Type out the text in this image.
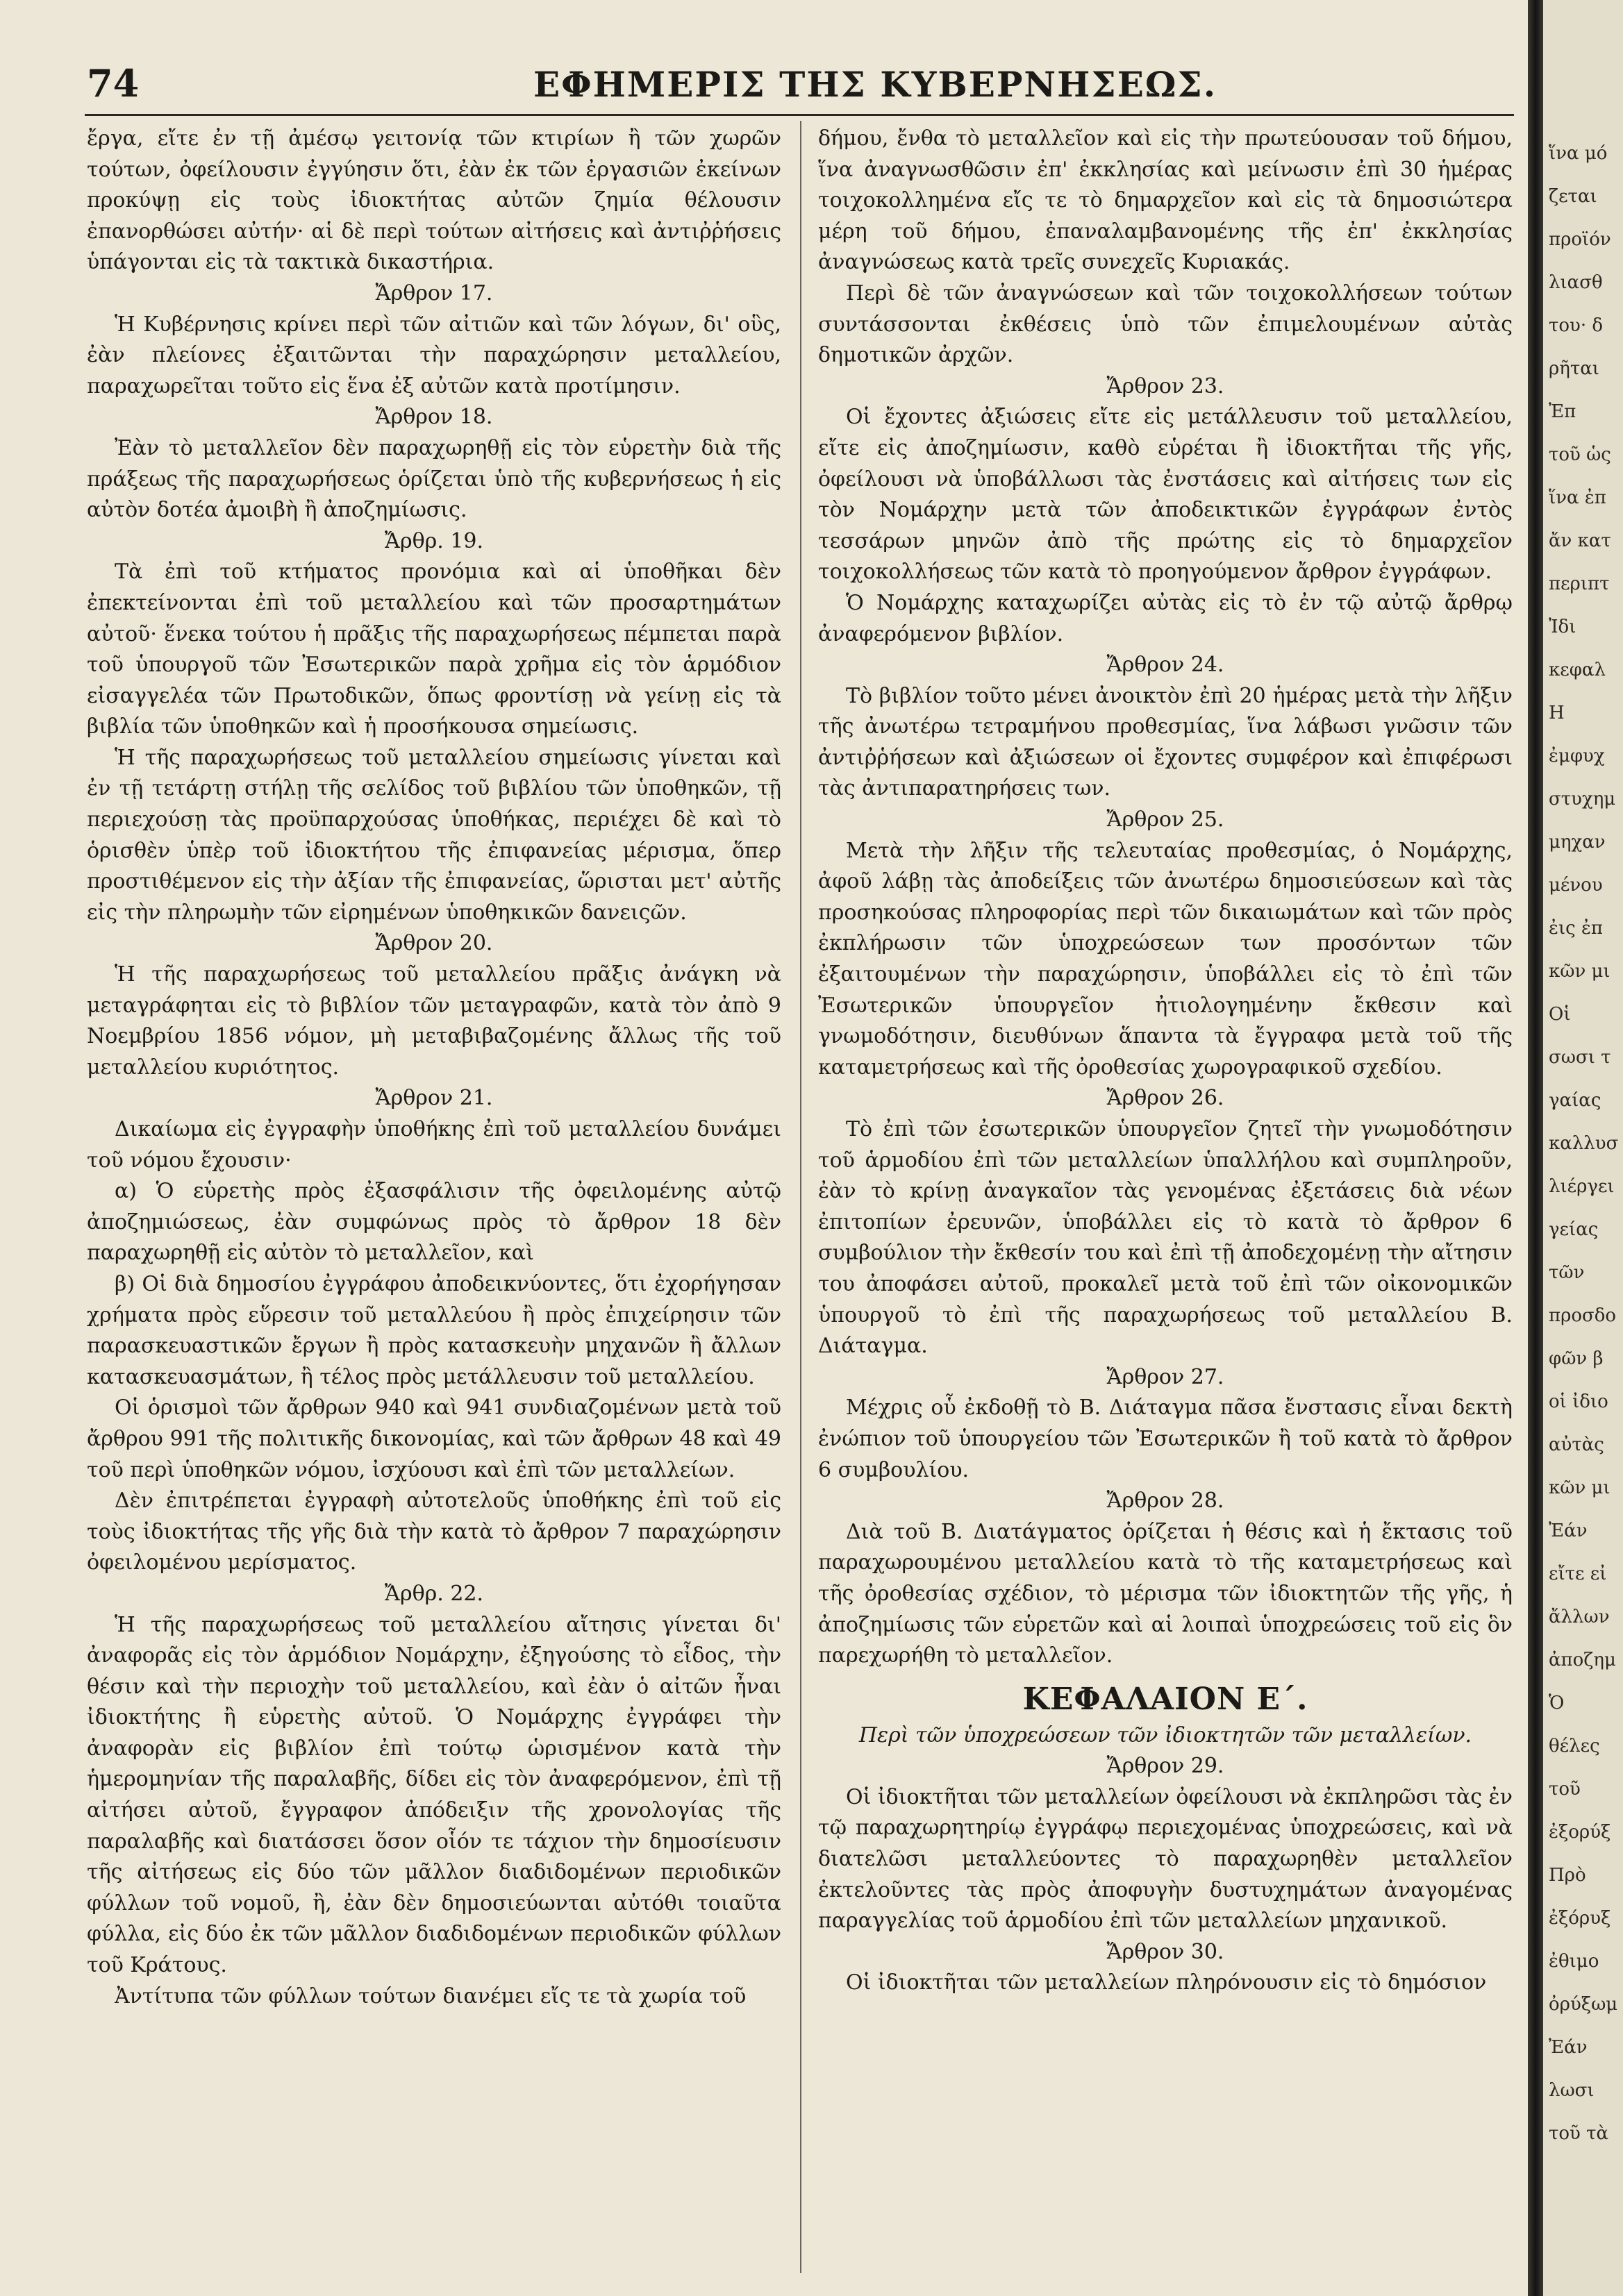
74	ΕΦΗΜΕΡΙΣ ΤΗΣ ΚΥΒΕΡΝΗΣΕΩΣ.

ἔργα, εἴτε ἐν τῇ ἀμέσῳ γειτονίᾳ τῶν κτιρίων ἢ τῶν χωρῶν τούτων, ὀφείλουσιν ἐγγύησιν ὅτι, ἐὰν ἐκ τῶν ἐργασιῶν ἐκείνων προκύψῃ εἰς τοὺς ἰδιοκτήτας αὐτῶν ζημία θέλουσιν ἐπανορθώσει αὐτήν· αἱ δὲ περὶ τούτων αἰτήσεις καὶ ἀντιῤῥήσεις ὑπάγονται εἰς τὰ τακτικὰ δικαστήρια.

Ἄρθρον 17.

Ἡ Κυβέρνησις κρίνει περὶ τῶν αἰτιῶν καὶ τῶν λόγων, δι' οὓς, ἐὰν πλείονες ἐξαιτῶνται τὴν παραχώρησιν μεταλλείου, παραχωρεῖται τοῦτο εἰς ἕνα ἐξ αὐτῶν κατὰ προτίμησιν.

Ἄρθρον 18.

Ἐὰν τὸ μεταλλεῖον δὲν παραχωρηθῇ εἰς τὸν εὑρετὴν διὰ τῆς πράξεως τῆς παραχωρήσεως ὁρίζεται ὑπὸ τῆς κυβερνήσεως ἡ εἰς αὐτὸν δοτέα ἀμοιβὴ ἢ ἀποζημίωσις.

Ἄρθρ. 19.

Τὰ ἐπὶ τοῦ κτήματος προνόμια καὶ αἱ ὑποθῆκαι δὲν ἐπεκτείνονται ἐπὶ τοῦ μεταλλείου καὶ τῶν προσαρτημάτων αὐτοῦ· ἕνεκα τούτου ἡ πρᾶξις τῆς παραχωρήσεως πέμπεται παρὰ τοῦ ὑπουργοῦ τῶν Ἐσωτερικῶν παρὰ χρῆμα εἰς τὸν ἁρμόδιον εἰσαγγελέα τῶν Πρωτοδικῶν, ὅπως φροντίσῃ νὰ γείνῃ εἰς τὰ βιβλία τῶν ὑποθηκῶν καὶ ἡ προσήκουσα σημείωσις.

Ἡ τῆς παραχωρήσεως τοῦ μεταλλείου σημείωσις γίνεται καὶ ἐν τῇ τετάρτῃ στήλῃ τῆς σελίδος τοῦ βιβλίου τῶν ὑποθηκῶν, τῇ περιεχούσῃ τὰς προϋπαρχούσας ὑποθήκας, περιέχει δὲ καὶ τὸ ὁρισθὲν ὑπὲρ τοῦ ἰδιοκτήτου τῆς ἐπιφανείας μέρισμα, ὅπερ προστιθέμενον εἰς τὴν ἀξίαν τῆς ἐπιφανείας, ὥρισται μετ' αὐτῆς εἰς τὴν πληρωμὴν τῶν εἰρημένων ὑποθηκικῶν δανειςῶν.

Ἄρθρον 20.

Ἡ τῆς παραχωρήσεως τοῦ μεταλλείου πρᾶξις ἀνάγκη νὰ μεταγράφηται εἰς τὸ βιβλίον τῶν μεταγραφῶν, κατὰ τὸν ἀπὸ 9 Νοεμβρίου 1856 νόμον, μὴ μεταβιβαζομένης ἄλλως τῆς τοῦ μεταλλείου κυριότητος.

Ἄρθρον 21.

Δικαίωμα εἰς ἐγγραφὴν ὑποθήκης ἐπὶ τοῦ μεταλλείου δυνάμει τοῦ νόμου ἔχουσιν·

α) Ὁ εὑρετὴς πρὸς ἐξασφάλισιν τῆς ὀφειλομένης αὐτῷ ἀποζημιώσεως, ἐὰν συμφώνως πρὸς τὸ ἄρθρον 18 δὲν παραχωρηθῇ εἰς αὐτὸν τὸ μεταλλεῖον, καὶ

β) Οἱ διὰ δημοσίου ἐγγράφου ἀποδεικνύοντες, ὅτι ἐχορήγησαν χρήματα πρὸς εὕρεσιν τοῦ μεταλλεύου ἢ πρὸς ἐπιχείρησιν τῶν παρασκευαστικῶν ἔργων ἢ πρὸς κατασκευὴν μηχανῶν ἢ ἄλλων κατασκευασμάτων, ἢ τέλος πρὸς μετάλλευσιν τοῦ μεταλλείου.

Οἱ ὁρισμοὶ τῶν ἄρθρων 940 καὶ 941 συνδιαζομένων μετὰ τοῦ ἄρθρου 991 τῆς πολιτικῆς δικονομίας, καὶ τῶν ἄρθρων 48 καὶ 49 τοῦ περὶ ὑποθηκῶν νόμου, ἰσχύουσι καὶ ἐπὶ τῶν μεταλλείων.

Δὲν ἐπιτρέπεται ἐγγραφὴ αὐτοτελοῦς ὑποθήκης ἐπὶ τοῦ εἰς τοὺς ἰδιοκτήτας τῆς γῆς διὰ τὴν κατὰ τὸ ἄρθρον 7 παραχώρησιν ὀφειλομένου μερίσματος.

Ἄρθρ. 22.

Ἡ τῆς παραχωρήσεως τοῦ μεταλλείου αἴτησις γίνεται δι' ἀναφορᾶς εἰς τὸν ἁρμόδιον Νομάρχην, ἐξηγούσης τὸ εἶδος, τὴν θέσιν καὶ τὴν περιοχὴν τοῦ μεταλλείου, καὶ ἐὰν ὁ αἰτῶν ἦναι ἰδιοκτήτης ἢ εὑρετὴς αὐτοῦ. Ὁ Νομάρχης ἐγγράφει τὴν ἀναφορὰν εἰς βιβλίον ἐπὶ τούτῳ ὡρισμένον κατὰ τὴν ἡμερομηνίαν τῆς παραλαβῆς, δίδει εἰς τὸν ἀναφερόμενον, ἐπὶ τῇ αἰτήσει αὐτοῦ, ἔγγραφον ἀπόδειξιν τῆς χρονολογίας τῆς παραλαβῆς καὶ διατάσσει ὅσον οἷόν τε τάχιον τὴν δημοσίευσιν τῆς αἰτήσεως εἰς δύο τῶν μᾶλλον διαδιδομένων περιοδικῶν φύλλων τοῦ νομοῦ, ἢ, ἐὰν δὲν δημοσιεύωνται αὐτόθι τοιαῦτα φύλλα, εἰς δύο ἐκ τῶν μᾶλλον διαδιδομένων περιοδικῶν φύλλων τοῦ Κράτους.

Ἀντίτυπα τῶν φύλλων τούτων διανέμει εἴς τε τὰ χωρία τοῦ

δήμου, ἔνθα τὸ μεταλλεῖον καὶ εἰς τὴν πρωτεύουσαν τοῦ δήμου, ἵνα ἀναγνωσθῶσιν ἐπ' ἐκκλησίας καὶ μείνωσιν ἐπὶ 30 ἡμέρας τοιχοκολλημένα εἴς τε τὸ δημαρχεῖον καὶ εἰς τὰ δημοσιώτερα μέρη τοῦ δήμου, ἐπαναλαμβανομένης τῆς ἐπ' ἐκκλησίας ἀναγνώσεως κατὰ τρεῖς συνεχεῖς Κυριακάς.

Περὶ δὲ τῶν ἀναγνώσεων καὶ τῶν τοιχοκολλήσεων τούτων συντάσσονται ἐκθέσεις ὑπὸ τῶν ἐπιμελουμένων αὐτὰς δημοτικῶν ἀρχῶν.

Ἄρθρον 23.

Οἱ ἔχοντες ἀξιώσεις εἴτε εἰς μετάλλευσιν τοῦ μεταλλείου, εἴτε εἰς ἀποζημίωσιν, καθὸ εὑρέται ἢ ἰδιοκτῆται τῆς γῆς, ὀφείλουσι νὰ ὑποβάλλωσι τὰς ἐνστάσεις καὶ αἰτήσεις των εἰς τὸν Νομάρχην μετὰ τῶν ἀποδεικτικῶν ἐγγράφων ἐντὸς τεσσάρων μηνῶν ἀπὸ τῆς πρώτης εἰς τὸ δημαρχεῖον τοιχοκολλήσεως τῶν κατὰ τὸ προηγούμενον ἄρθρον ἐγγράφων.

Ὁ Νομάρχης καταχωρίζει αὐτὰς εἰς τὸ ἐν τῷ αὐτῷ ἄρθρῳ ἀναφερόμενον βιβλίον.

Ἄρθρον 24.

Τὸ βιβλίον τοῦτο μένει ἀνοικτὸν ἐπὶ 20 ἡμέρας μετὰ τὴν λῆξιν τῆς ἀνωτέρω τετραμήνου προθεσμίας, ἵνα λάβωσι γνῶσιν τῶν ἀντιῤῥήσεων καὶ ἀξιώσεων οἱ ἔχοντες συμφέρον καὶ ἐπιφέρωσι τὰς ἀντιπαρατηρήσεις των.

Ἄρθρον 25.

Μετὰ τὴν λῆξιν τῆς τελευταίας προθεσμίας, ὁ Νομάρχης, ἀφοῦ λάβῃ τὰς ἀποδείξεις τῶν ἀνωτέρω δημοσιεύσεων καὶ τὰς προσηκούσας πληροφορίας περὶ τῶν δικαιωμάτων καὶ τῶν πρὸς ἐκπλήρωσιν τῶν ὑποχρεώσεων των προσόντων τῶν ἐξαιτουμένων τὴν παραχώρησιν, ὑποβάλλει εἰς τὸ ἐπὶ τῶν Ἐσωτερικῶν ὑπουργεῖον ἠτιολογημένην ἔκθεσιν καὶ γνωμοδότησιν, διευθύνων ἅπαντα τὰ ἔγγραφα μετὰ τοῦ τῆς καταμετρήσεως καὶ τῆς ὀροθεσίας χωρογραφικοῦ σχεδίου.

Ἄρθρον 26.

Τὸ ἐπὶ τῶν ἐσωτερικῶν ὑπουργεῖον ζητεῖ τὴν γνωμοδότησιν τοῦ ἁρμοδίου ἐπὶ τῶν μεταλλείων ὑπαλλήλου καὶ συμπληροῦν, ἐὰν τὸ κρίνῃ ἀναγκαῖον τὰς γενομένας ἐξετάσεις διὰ νέων ἐπιτοπίων ἐρευνῶν, ὑποβάλλει εἰς τὸ κατὰ τὸ ἄρθρον 6 συμβούλιον τὴν ἔκθεσίν του καὶ ἐπὶ τῇ ἀποδεχομένῃ τὴν αἴτησιν του ἀποφάσει αὐτοῦ, προκαλεῖ μετὰ τοῦ ἐπὶ τῶν οἰκονομικῶν ὑπουργοῦ τὸ ἐπὶ τῆς παραχωρήσεως τοῦ μεταλλείου Β. Διάταγμα.

Ἄρθρον 27.

Μέχρις οὗ ἐκδοθῇ τὸ Β. Διάταγμα πᾶσα ἔνστασις εἶναι δεκτὴ ἐνώπιον τοῦ ὑπουργείου τῶν Ἐσωτερικῶν ἢ τοῦ κατὰ τὸ ἄρθρον 6 συμβουλίου.

Ἄρθρον 28.

Διὰ τοῦ Β. Διατάγματος ὁρίζεται ἡ θέσις καὶ ἡ ἔκτασις τοῦ παραχωρουμένου μεταλλείου κατὰ τὸ τῆς καταμετρήσεως καὶ τῆς ὀροθεσίας σχέδιον, τὸ μέρισμα τῶν ἰδιοκτητῶν τῆς γῆς, ἡ ἀποζημίωσις τῶν εὑρετῶν καὶ αἱ λοιπαὶ ὑποχρεώσεις τοῦ εἰς ὃν παρεχωρήθη τὸ μεταλλεῖον.

ΚΕΦΑΛΑΙΟΝ Ε΄.

Περὶ τῶν ὑποχρεώσεων τῶν ἰδιοκτητῶν τῶν μεταλλείων.

Ἄρθρον 29.

Οἱ ἰδιοκτῆται τῶν μεταλλείων ὀφείλουσι νὰ ἐκπληρῶσι τὰς ἐν τῷ παραχωρητηρίῳ ἐγγράφῳ περιεχομένας ὑποχρεώσεις, καὶ νὰ διατελῶσι μεταλλεύοντες τὸ παραχωρηθὲν μεταλλεῖον ἐκτελοῦντες τὰς πρὸς ἀποφυγὴν δυστυχημάτων ἀναγομένας παραγγελίας τοῦ ἁρμοδίου ἐπὶ τῶν μεταλλείων μηχανικοῦ.

Ἄρθρον 30.

Οἱ ἰδιοκτῆται τῶν μεταλλείων πληρόνουσιν εἰς τὸ δημόσιον

ἵνα μό
ζεται
προϊόν
λιασθ
του· δ
ρῆται
Ἐπ
τοῦ ὡς
ἵνα ἐπ
ἄν κατ
περιπτ
Ἰδι
κεφαλ
Η
ἐμφυχ
στυχημ
μηχαν
μένου
ἐις ἐπ
κῶν μι
Οἱ
σωσι τ
γαίας
καλλυσ
λιέργει
γείας
τῶν
προσδο
φῶν β
οἱ ἰδιο
αὐτὰς
κῶν μι
Ἐάν
εἴτε εἰ
ἄλλων
ἀποζημ
Ὁ
θέλες
τοῦ
ἐξορύξ
Πρὸ
ἐξόρυξ
ἐθιμο
ὀρύξωμ
Ἐάν
λωσι
τοῦ τὰ
